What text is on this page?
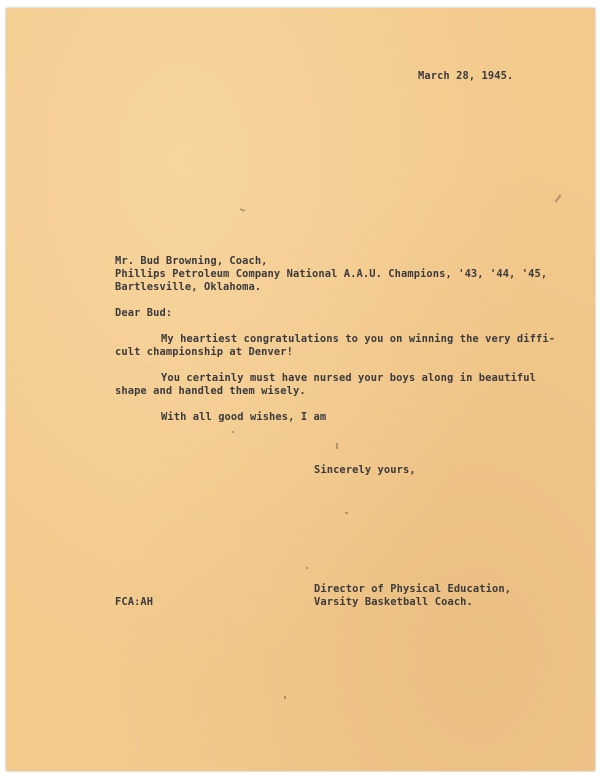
March 28, 1945.
Mr. Bud Browning, Coach,
Phillips Petroleum Company National A.A.U. Champions, '43, '44, '45,
Bartlesville, Oklahoma.
Dear Bud:
My heartiest congratulations to you on winning the very diffi-
cult championship at Denver!
You certainly must have nursed your boys along in beautiful
shape and handled them wisely.
With all good wishes, I am
Sincerely yours,
Director of Physical Education,
Varsity Basketball Coach.
FCA:AH
